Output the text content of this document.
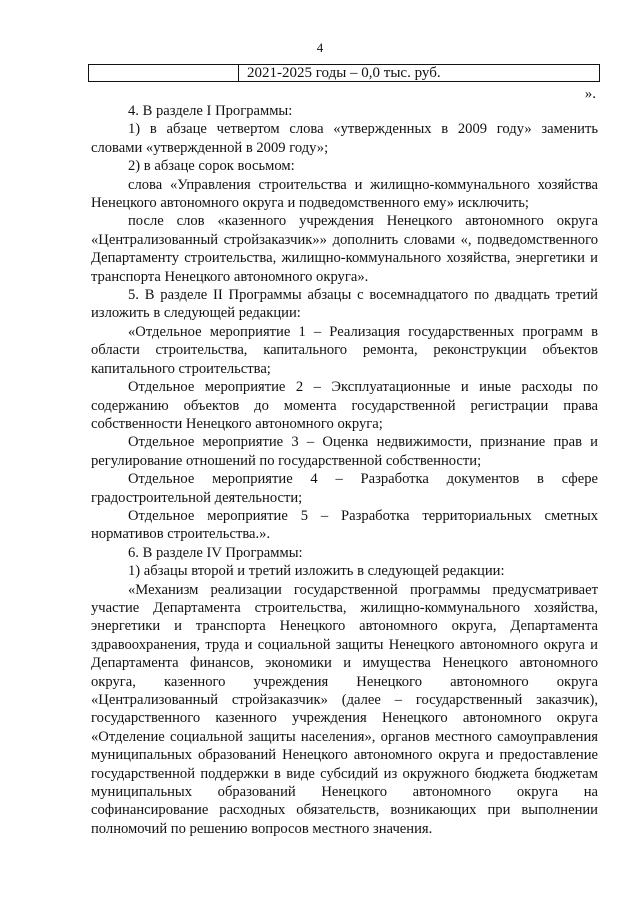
4
2021-2025 годы – 0,0 тыс. руб.
».

4. В разделе I Программы:

1) в абзаце четвертом слова «утвержденных в 2009 году» заменить словами «утвержденной в 2009 году»;

2) в абзаце сорок восьмом:

слова «Управления строительства и жилищно-коммунального хозяйства Ненецкого автономного округа и подведомственного ему» исключить;

после слов «казенного учреждения Ненецкого автономного округа «Централизованный стройзаказчик»» дополнить словами «, подведомственного Департаменту строительства, жилищно-коммунального хозяйства, энергетики и транспорта Ненецкого автономного округа».

5. В разделе II Программы абзацы с восемнадцатого по двадцать третий изложить в следующей редакции:

«Отдельное мероприятие 1 – Реализация государственных программ в области строительства, капитального ремонта, реконструкции объектов капитального строительства;

Отдельное мероприятие 2 – Эксплуатационные и иные расходы по содержанию объектов до момента государственной регистрации права собственности Ненецкого автономного округа;

Отдельное мероприятие 3 – Оценка недвижимости, признание прав и регулирование отношений по государственной собственности;

Отдельное мероприятие 4 – Разработка документов в сфере градостроительной деятельности;

Отдельное мероприятие 5 – Разработка территориальных сметных нормативов строительства.».

6. В разделе IV Программы:

1) абзацы второй и третий изложить в следующей редакции:

«Механизм реализации государственной программы предусматривает участие Департамента строительства, жилищно-коммунального хозяйства, энергетики и транспорта Ненецкого автономного округа, Департамента здравоохранения, труда и социальной защиты Ненецкого автономного округа и Департамента финансов, экономики и имущества Ненецкого автономного округа, казенного учреждения Ненецкого автономного округа «Централизованный стройзаказчик» (далее – государственный заказчик), государственного казенного учреждения Ненецкого автономного округа «Отделение социальной защиты населения», органов местного самоуправления муниципальных образований Ненецкого автономного округа и предоставление государственной поддержки в виде субсидий из окружного бюджета бюджетам муниципальных образований Ненецкого автономного округа на софинансирование расходных обязательств, возникающих при выполнении полномочий по решению вопросов местного значения.
